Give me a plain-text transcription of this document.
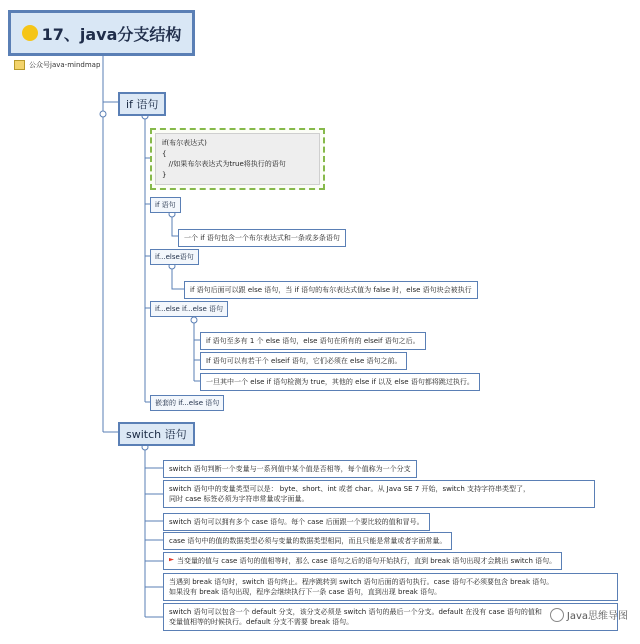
17、java分支结构
公众号java-mindmap
if 语句
if(布尔表达式)
{
//如果布尔表达式为true将执行的语句
}
if 语句
一个 if 语句包含一个布尔表达式和一条或多条语句
if...else语句
if 语句后面可以跟 else 语句，当 if 语句的布尔表达式值为 false 时，else 语句块会被执行
if...else if...else 语句
if 语句至多有 1 个 else 语句，else 语句在所有的 elseif 语句之后。
If 语句可以有若干个 elseif 语句，它们必须在 else 语句之前。
一旦其中一个 else if 语句检测为 true，其他的 else if 以及 else 语句都将跳过执行。
嵌套的 if...else 语句
switch 语句
switch 语句判断一个变量与一系列值中某个值是否相等，每个值称为一个分支
switch 语句中的变量类型可以是： byte、short、int 或者 char。从 Java SE 7 开始，switch 支持字符串类型了，
同时 case 标签必须为字符串常量或字面量。
switch 语句可以拥有多个 case 语句。每个 case 后面跟一个要比较的值和冒号。
case 语句中的值的数据类型必须与变量的数据类型相同，而且只能是常量或者字面常量。
当变量的值与 case 语句的值相等时，那么 case 语句之后的语句开始执行，直到 break 语句出现才会跳出 switch 语句。
当遇到 break 语句时，switch 语句终止。程序跳转到 switch 语句后面的语句执行。case 语句不必须要包含 break 语句。
如果没有 break 语句出现，程序会继续执行下一条 case 语句，直到出现 break 语句。
switch 语句可以包含一个 default 分支，该分支必须是 switch 语句的最后一个分支。default 在没有 case 语句的值和
变量值相等的时候执行。default 分支不需要 break 语句。
Java思维导图
